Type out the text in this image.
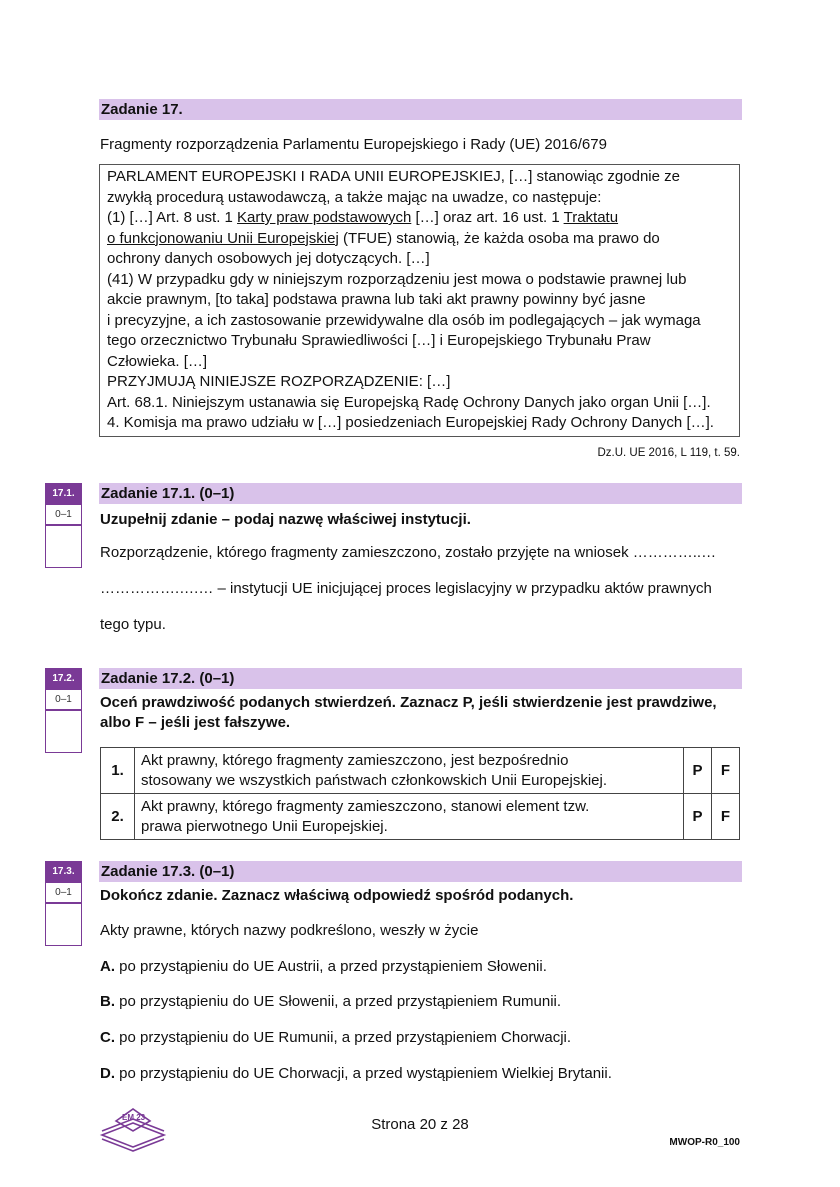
Zadanie 17.
Fragmenty rozporządzenia Parlamentu Europejskiego i Rady (UE) 2016/679
PARLAMENT EUROPEJSKI I RADA UNII EUROPEJSKIEJ, […] stanowiąc zgodnie ze
zwykłą procedurą ustawodawczą, a także mając na uwadze, co następuje:
(1) […] Art. 8 ust. 1 Karty praw podstawowych […] oraz art. 16 ust. 1 Traktatu
o funkcjonowaniu Unii Europejskiej (TFUE) stanowią, że każda osoba ma prawo do
ochrony danych osobowych jej dotyczących. […]
(41) W przypadku gdy w niniejszym rozporządzeniu jest mowa o podstawie prawnej lub
akcie prawnym, [to taka] podstawa prawna lub taki akt prawny powinny być jasne
i precyzyjne, a ich zastosowanie przewidywalne dla osób im podlegających – jak wymaga
tego orzecznictwo Trybunału Sprawiedliwości […] i Europejskiego Trybunału Praw
Człowieka. […]
PRZYJMUJĄ NINIEJSZE ROZPORZĄDZENIE: […]
Art. 68.1. Niniejszym ustanawia się Europejską Radę Ochrony Danych jako organ Unii […].
4. Komisja ma prawo udziału w […] posiedzeniach Europejskiej Rady Ochrony Danych […].
Dz.U. UE 2016, L 119, t. 59.
17.1.
0–1
Zadanie 17.1. (0–1)
Uzupełnij zdanie – podaj nazwę właściwej instytucji.
Rozporządzenie, którego fragmenty zamieszczono, zostało przyjęte na wniosek …………..…
…………….….… – instytucji UE inicjującej proces legislacyjny w przypadku aktów prawnych
tego typu.
17.2.
0–1
Zadanie 17.2. (0–1)
Oceń prawdziwość podanych stwierdzeń. Zaznacz P, jeśli stwierdzenie jest prawdziwe,
albo F – jeśli jest fałszywe.
1.	Akt prawny, którego fragmenty zamieszczono, jest bezpośrednio
stosowany we wszystkich państwach członkowskich Unii Europejskiej.	P	F
2.	Akt prawny, którego fragmenty zamieszczono, stanowi element tzw.
prawa pierwotnego Unii Europejskiej.	P	F
17.3.
0–1
Zadanie 17.3. (0–1)
Dokończ zdanie. Zaznacz właściwą odpowiedź spośród podanych.
Akty prawne, których nazwy podkreślono, weszły w życie
A. po przystąpieniu do UE Austrii, a przed przystąpieniem Słowenii.
B. po przystąpieniu do UE Słowenii, a przed przystąpieniem Rumunii.
C. po przystąpieniu do UE Rumunii, a przed przystąpieniem Chorwacji.
D. po przystąpieniu do UE Chorwacji, a przed wystąpieniem Wielkiej Brytanii.
EM 23	Strona 20 z 28
MWOP-R0_100
